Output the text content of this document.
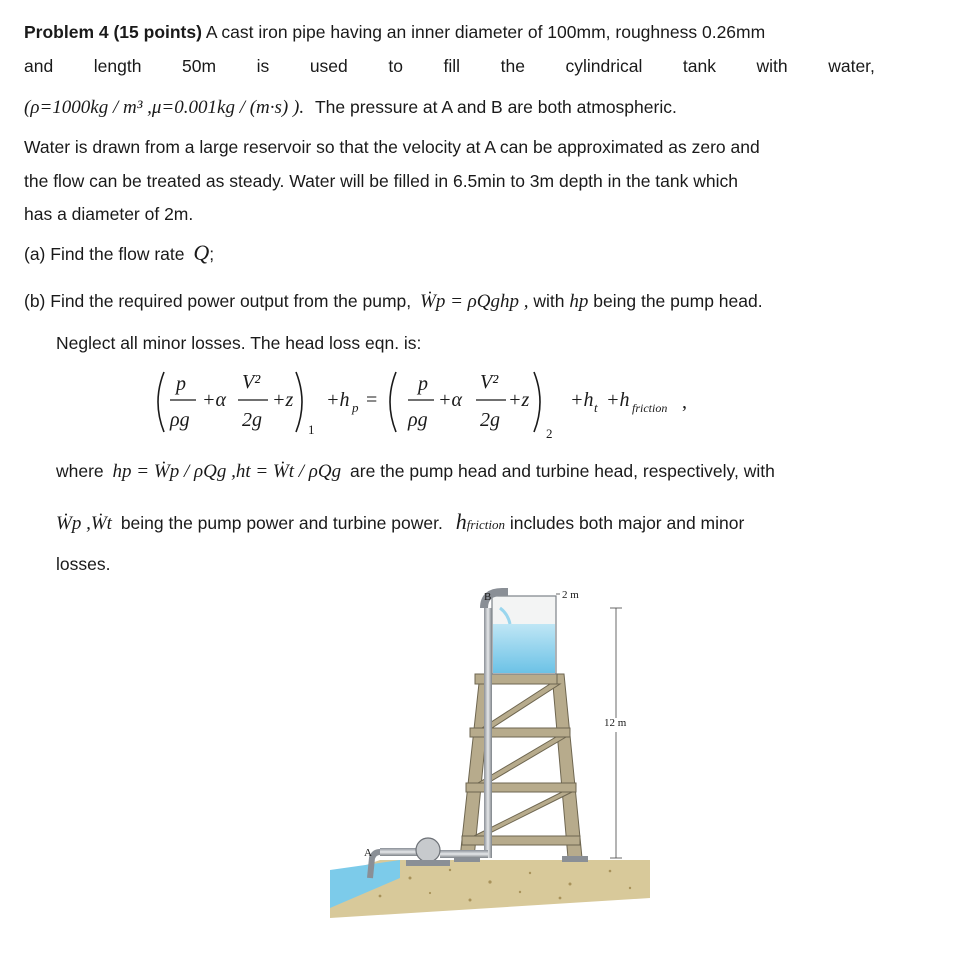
Problem 4 (15 points) A cast iron pipe having an inner diameter of 100mm, roughness 0.26mm
and length 50m is used to fill the cylindrical tank with water,
(ρ=1000kg / m³ ,μ=0.001kg / (m·s) ). The pressure at A and B are both atmospheric.
Water is drawn from a large reservoir so that the velocity at A can be approximated as zero and
the flow can be treated as steady. Water will be filled in 6.5min to 3m depth in the tank which
has a diameter of 2m.
(a) Find the flow rate Q;
(b) Find the required power output from the pump, Ẇp = ρQghp , with hp being the pump head.
Neglect all minor losses. The head loss eqn. is:
p
ρg
+α
V²
2g
+z
1
+h p =
p
ρg
+α
V²
2g
+z
2
+h t +h friction ,
where hp = Ẇp / ρQg ,ht = Ẇt / ρQg are the pump head and turbine head, respectively, with
Ẇp ,Ẇt being the pump power and turbine power. hfriction includes both major and minor
losses.
B
A
2 m
12 m
